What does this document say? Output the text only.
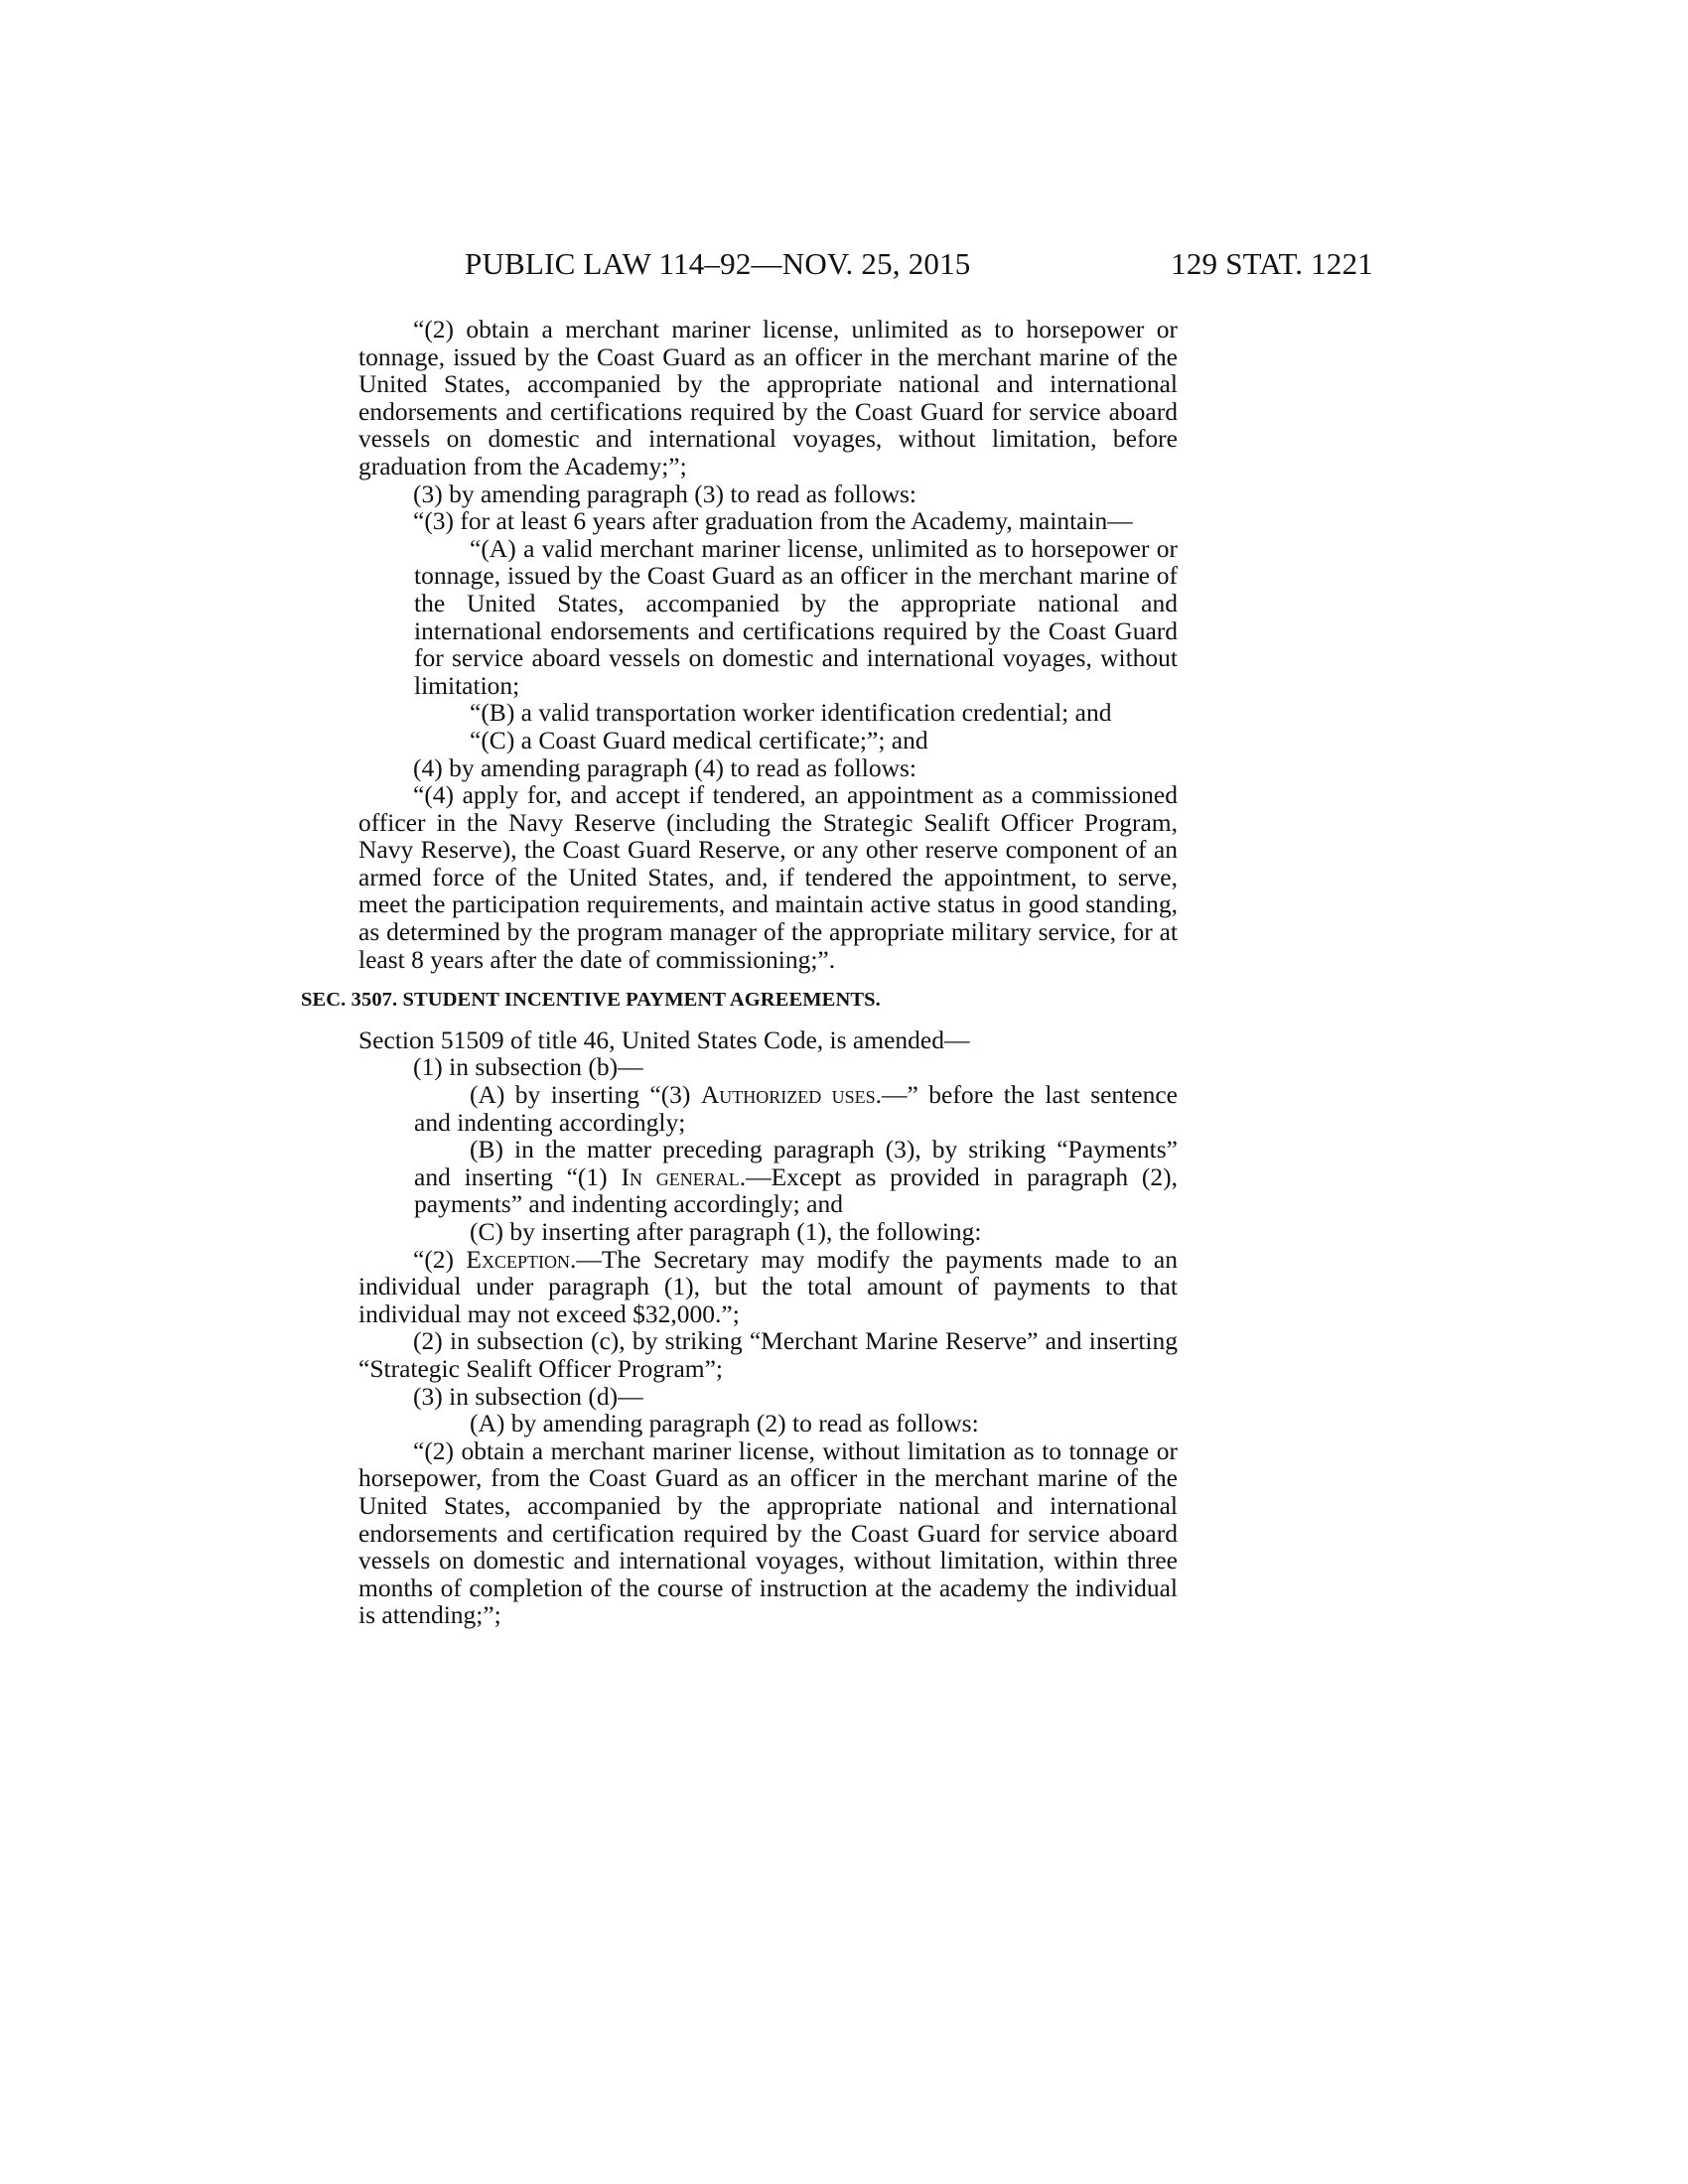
PUBLIC LAW 114–92—NOV. 25, 2015	129 STAT. 1221

“(2) obtain a merchant mariner license, unlimited as to horsepower or tonnage, issued by the Coast Guard as an officer in the merchant marine of the United States, accompanied by the appropriate national and international endorsements and certifications required by the Coast Guard for service aboard vessels on domestic and international voyages, without limitation, before graduation from the Academy;”;

(3) by amending paragraph (3) to read as follows:

“(3) for at least 6 years after graduation from the Academy, maintain—

“(A) a valid merchant mariner license, unlimited as to horsepower or tonnage, issued by the Coast Guard as an officer in the merchant marine of the United States, accompanied by the appropriate national and international endorsements and certifications required by the Coast Guard for service aboard vessels on domestic and international voyages, without limitation;

“(B) a valid transportation worker identification credential; and

“(C) a Coast Guard medical certificate;”; and

(4) by amending paragraph (4) to read as follows:

“(4) apply for, and accept if tendered, an appointment as a commissioned officer in the Navy Reserve (including the Strategic Sealift Officer Program, Navy Reserve), the Coast Guard Reserve, or any other reserve component of an armed force of the United States, and, if tendered the appointment, to serve, meet the participation requirements, and maintain active status in good standing, as determined by the program manager of the appropriate military service, for at least 8 years after the date of commissioning;”.

SEC. 3507. STUDENT INCENTIVE PAYMENT AGREEMENTS.

Section 51509 of title 46, United States Code, is amended—

(1) in subsection (b)—

(A) by inserting “(3) Authorized uses.—” before the last sentence and indenting accordingly;

(B) in the matter preceding paragraph (3), by striking “Payments” and inserting “(1) In general.—Except as provided in paragraph (2), payments” and indenting accordingly; and

(C) by inserting after paragraph (1), the following:

“(2) Exception.—The Secretary may modify the payments made to an individual under paragraph (1), but the total amount of payments to that individual may not exceed $32,000.”;

(2) in subsection (c), by striking “Merchant Marine Reserve” and inserting “Strategic Sealift Officer Program”;

(3) in subsection (d)—

(A) by amending paragraph (2) to read as follows:

“(2) obtain a merchant mariner license, without limitation as to tonnage or horsepower, from the Coast Guard as an officer in the merchant marine of the United States, accompanied by the appropriate national and international endorsements and certification required by the Coast Guard for service aboard vessels on domestic and international voyages, without limitation, within three months of completion of the course of instruction at the academy the individual is attending;”;
